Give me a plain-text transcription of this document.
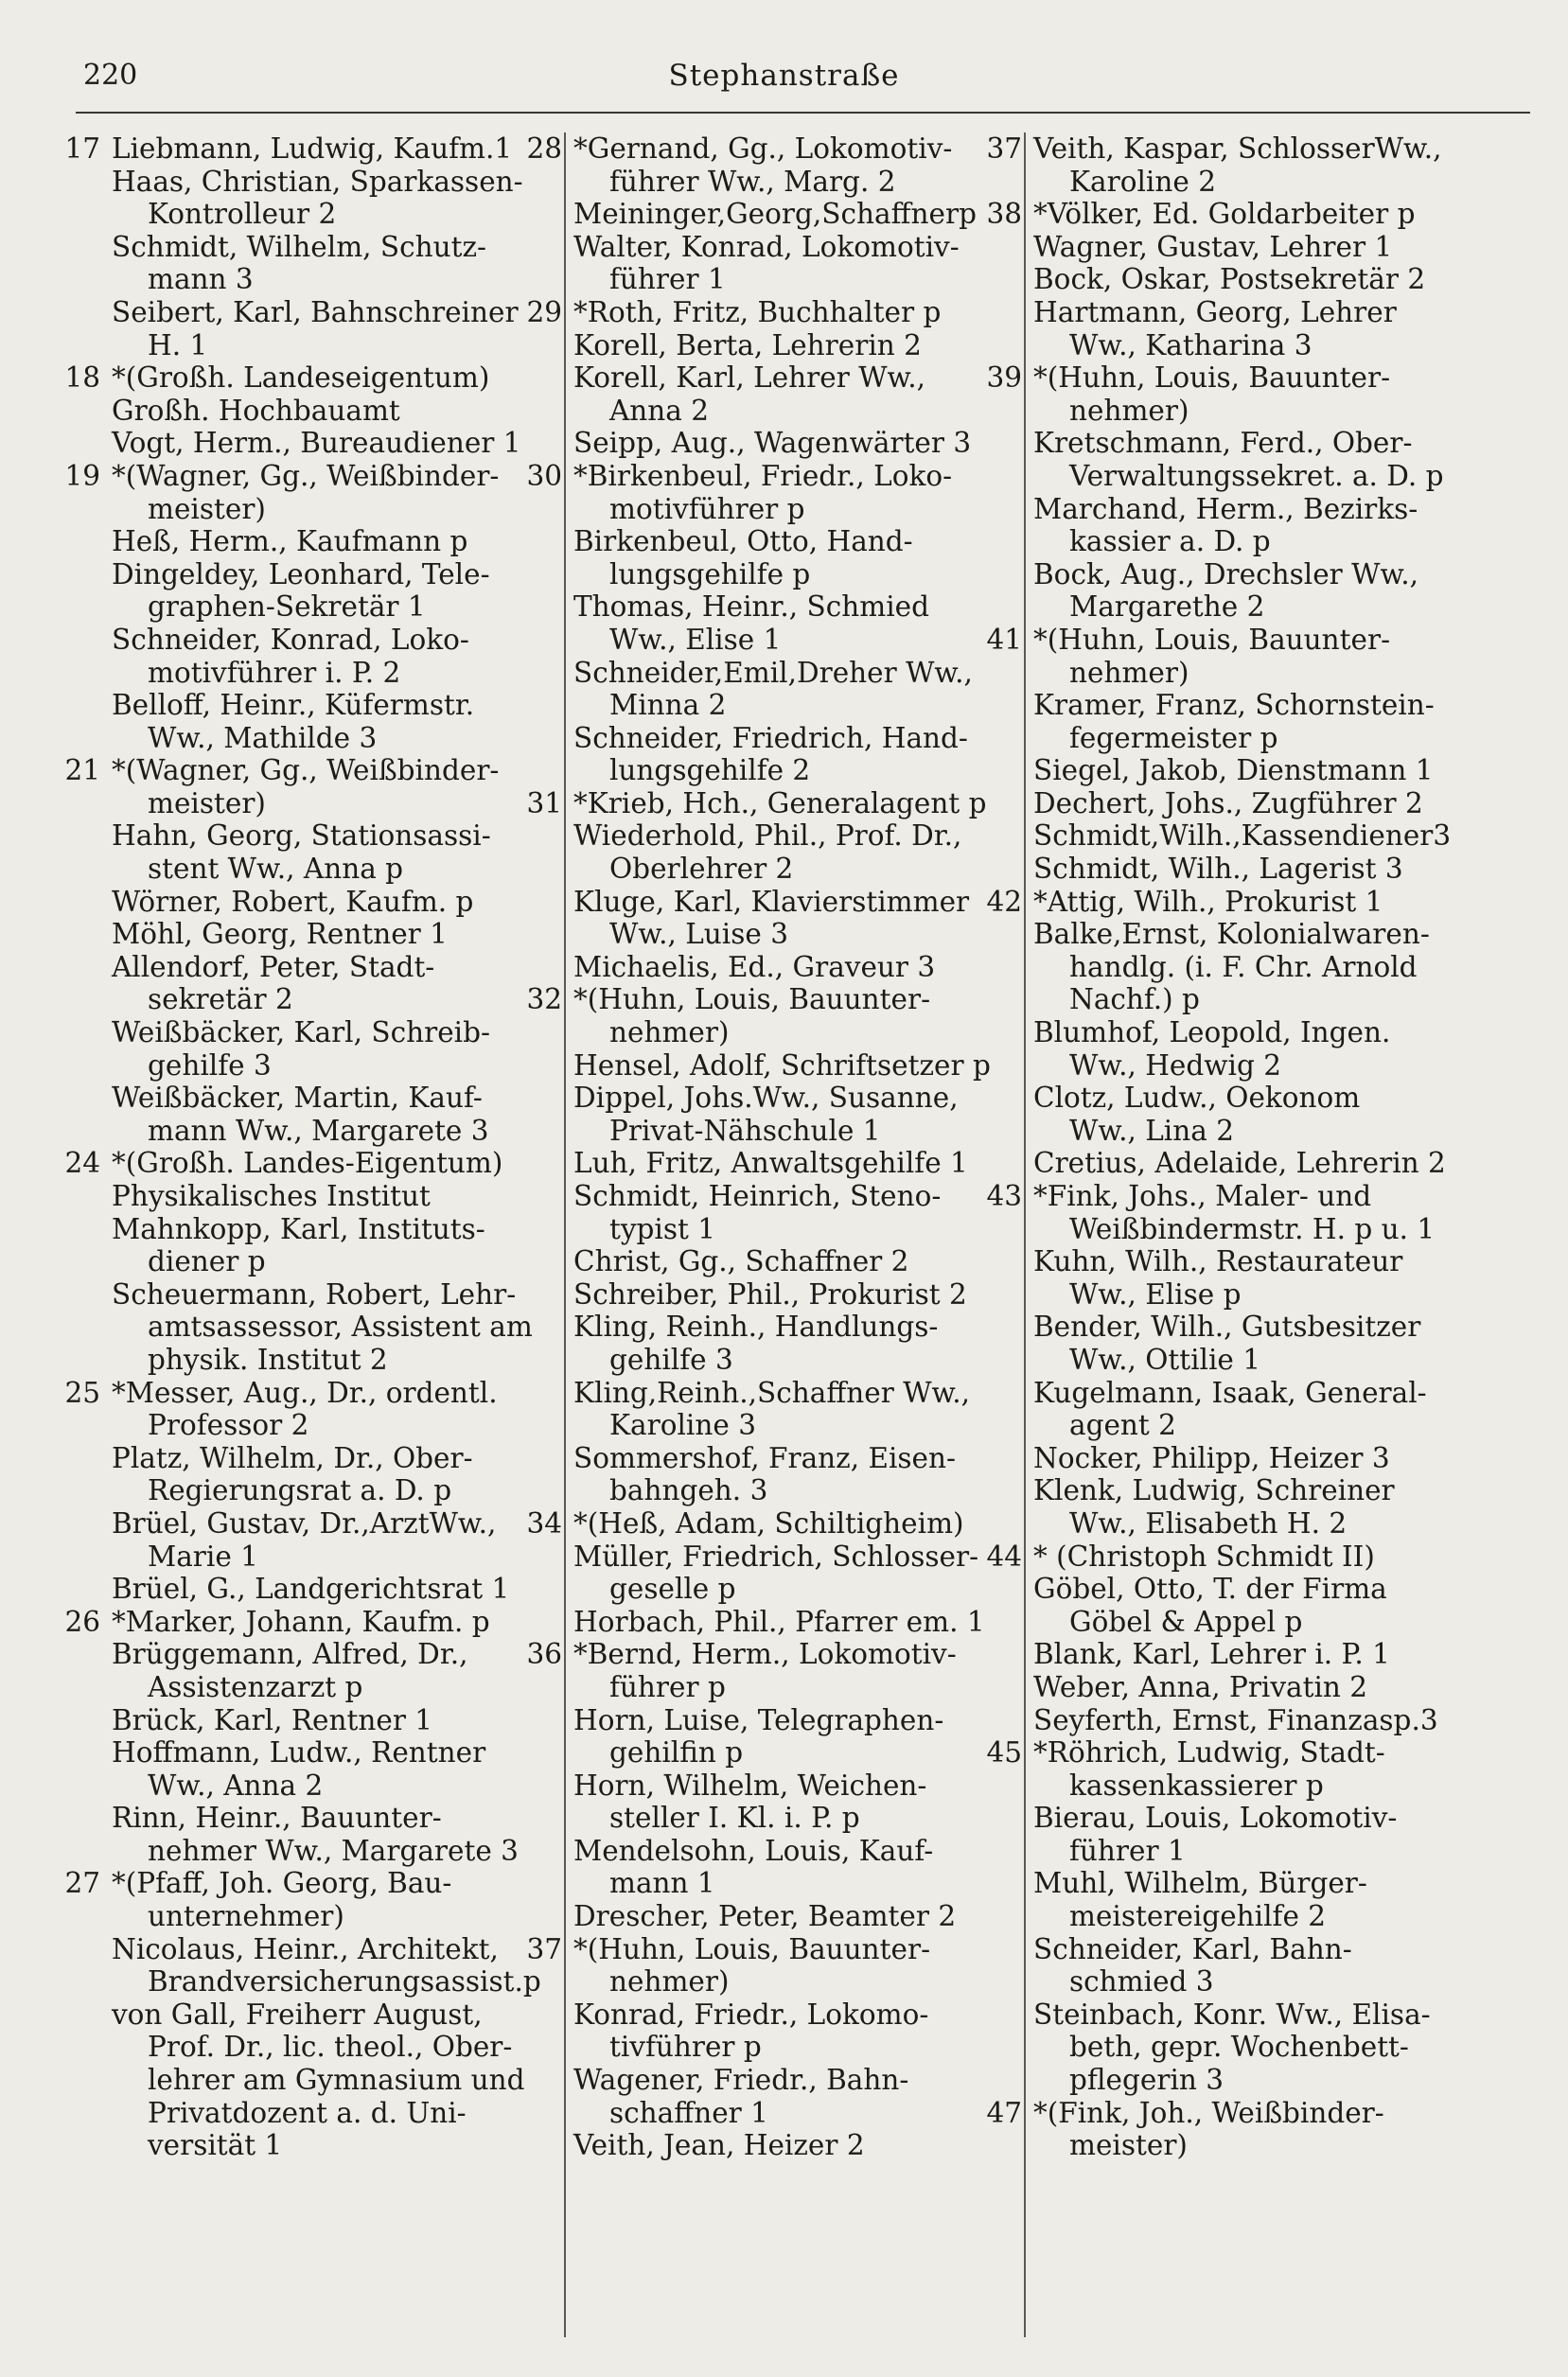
220	Stephanstraße
17 Liebmann, Ludwig, Kaufm.1
Haas, Christian, Sparkassen-
Kontrolleur 2
Schmidt, Wilhelm, Schutz-
mann 3
Seibert, Karl, Bahnschreiner
H. 1
18 *(Großh. Landeseigentum)
Großh. Hochbauamt
Vogt, Herm., Bureaudiener 1
19 *(Wagner, Gg., Weißbinder-
meister)
Heß, Herm., Kaufmann p
Dingeldey, Leonhard, Tele-
graphen-Sekretär 1
Schneider, Konrad, Loko-
motivführer i. P. 2
Belloff, Heinr., Küfermstr.
Ww., Mathilde 3
21 *(Wagner, Gg., Weißbinder-
meister)
Hahn, Georg, Stationsassi-
stent Ww., Anna p
Wörner, Robert, Kaufm. p
Möhl, Georg, Rentner 1
Allendorf, Peter, Stadt-
sekretär 2
Weißbäcker, Karl, Schreib-
gehilfe 3
Weißbäcker, Martin, Kauf-
mann Ww., Margarete 3
24 *(Großh. Landes-Eigentum)
Physikalisches Institut
Mahnkopp, Karl, Instituts-
diener p
Scheuermann, Robert, Lehr-
amtsassessor, Assistent am
physik. Institut 2
25 *Messer, Aug., Dr., ordentl.
Professor 2
Platz, Wilhelm, Dr., Ober-
Regierungsrat a. D. p
Brüel, Gustav, Dr.,ArztWw.,
Marie 1
Brüel, G., Landgerichtsrat 1
26 *Marker, Johann, Kaufm. p
Brüggemann, Alfred, Dr.,
Assistenzarzt p
Brück, Karl, Rentner 1
Hoffmann, Ludw., Rentner
Ww., Anna 2
Rinn, Heinr., Bauunter-
nehmer Ww., Margarete 3
27 *(Pfaff, Joh. Georg, Bau-
unternehmer)
Nicolaus, Heinr., Architekt,
Brandversicherungsassist.p
von Gall, Freiherr August,
Prof. Dr., lic. theol., Ober-
lehrer am Gymnasium und
Privatdozent a. d. Uni-
versität 1
28 *Gernand, Gg., Lokomotiv-
führer Ww., Marg. 2
Meininger,Georg,Schaffnerp
Walter, Konrad, Lokomotiv-
führer 1
29 *Roth, Fritz, Buchhalter p
Korell, Berta, Lehrerin 2
Korell, Karl, Lehrer Ww.,
Anna 2
Seipp, Aug., Wagenwärter 3
30 *Birkenbeul, Friedr., Loko-
motivführer p
Birkenbeul, Otto, Hand-
lungsgehilfe p
Thomas, Heinr., Schmied
Ww., Elise 1
Schneider,Emil,Dreher Ww.,
Minna 2
Schneider, Friedrich, Hand-
lungsgehilfe 2
31 *Krieb, Hch., Generalagent p
Wiederhold, Phil., Prof. Dr.,
Oberlehrer 2
Kluge, Karl, Klavierstimmer
Ww., Luise 3
Michaelis, Ed., Graveur 3
32 *(Huhn, Louis, Bauunter-
nehmer)
Hensel, Adolf, Schriftsetzer p
Dippel, Johs.Ww., Susanne,
Privat-Nähschule 1
Luh, Fritz, Anwaltsgehilfe 1
Schmidt, Heinrich, Steno-
typist 1
Christ, Gg., Schaffner 2
Schreiber, Phil., Prokurist 2
Kling, Reinh., Handlungs-
gehilfe 3
Kling,Reinh.,Schaffner Ww.,
Karoline 3
Sommershof, Franz, Eisen-
bahngeh. 3
34 *(Heß, Adam, Schiltigheim)
Müller, Friedrich, Schlosser-
geselle p
Horbach, Phil., Pfarrer em. 1
36 *Bernd, Herm., Lokomotiv-
führer p
Horn, Luise, Telegraphen-
gehilfin p
Horn, Wilhelm, Weichen-
steller I. Kl. i. P. p
Mendelsohn, Louis, Kauf-
mann 1
Drescher, Peter, Beamter 2
37 *(Huhn, Louis, Bauunter-
nehmer)
Konrad, Friedr., Lokomo-
tivführer p
Wagener, Friedr., Bahn-
schaffner 1
Veith, Jean, Heizer 2
37 Veith, Kaspar, SchlosserWw.,
Karoline 2
38 *Völker, Ed. Goldarbeiter p
Wagner, Gustav, Lehrer 1
Bock, Oskar, Postsekretär 2
Hartmann, Georg, Lehrer
Ww., Katharina 3
39 *(Huhn, Louis, Bauunter-
nehmer)
Kretschmann, Ferd., Ober-
Verwaltungssekret. a. D. p
Marchand, Herm., Bezirks-
kassier a. D. p
Bock, Aug., Drechsler Ww.,
Margarethe 2
41 *(Huhn, Louis, Bauunter-
nehmer)
Kramer, Franz, Schornstein-
fegermeister p
Siegel, Jakob, Dienstmann 1
Dechert, Johs., Zugführer 2
Schmidt,Wilh.,Kassendiener3
Schmidt, Wilh., Lagerist 3
42 *Attig, Wilh., Prokurist 1
Balke,Ernst, Kolonialwaren-
handlg. (i. F. Chr. Arnold
Nachf.) p
Blumhof, Leopold, Ingen.
Ww., Hedwig 2
Clotz, Ludw., Oekonom
Ww., Lina 2
Cretius, Adelaide, Lehrerin 2
43 *Fink, Johs., Maler- und
Weißbindermstr. H. p u. 1
Kuhn, Wilh., Restaurateur
Ww., Elise p
Bender, Wilh., Gutsbesitzer
Ww., Ottilie 1
Kugelmann, Isaak, General-
agent 2
Nocker, Philipp, Heizer 3
Klenk, Ludwig, Schreiner
Ww., Elisabeth H. 2
44 * (Christoph Schmidt II)
Göbel, Otto, T. der Firma
Göbel & Appel p
Blank, Karl, Lehrer i. P. 1
Weber, Anna, Privatin 2
Seyferth, Ernst, Finanzasp.3
45 *Röhrich, Ludwig, Stadt-
kassenkassierer p
Bierau, Louis, Lokomotiv-
führer 1
Muhl, Wilhelm, Bürger-
meistereigehilfe 2
Schneider, Karl, Bahn-
schmied 3
Steinbach, Konr. Ww., Elisa-
beth, gepr. Wochenbett-
pflegerin 3
47 *(Fink, Joh., Weißbinder-
meister)
